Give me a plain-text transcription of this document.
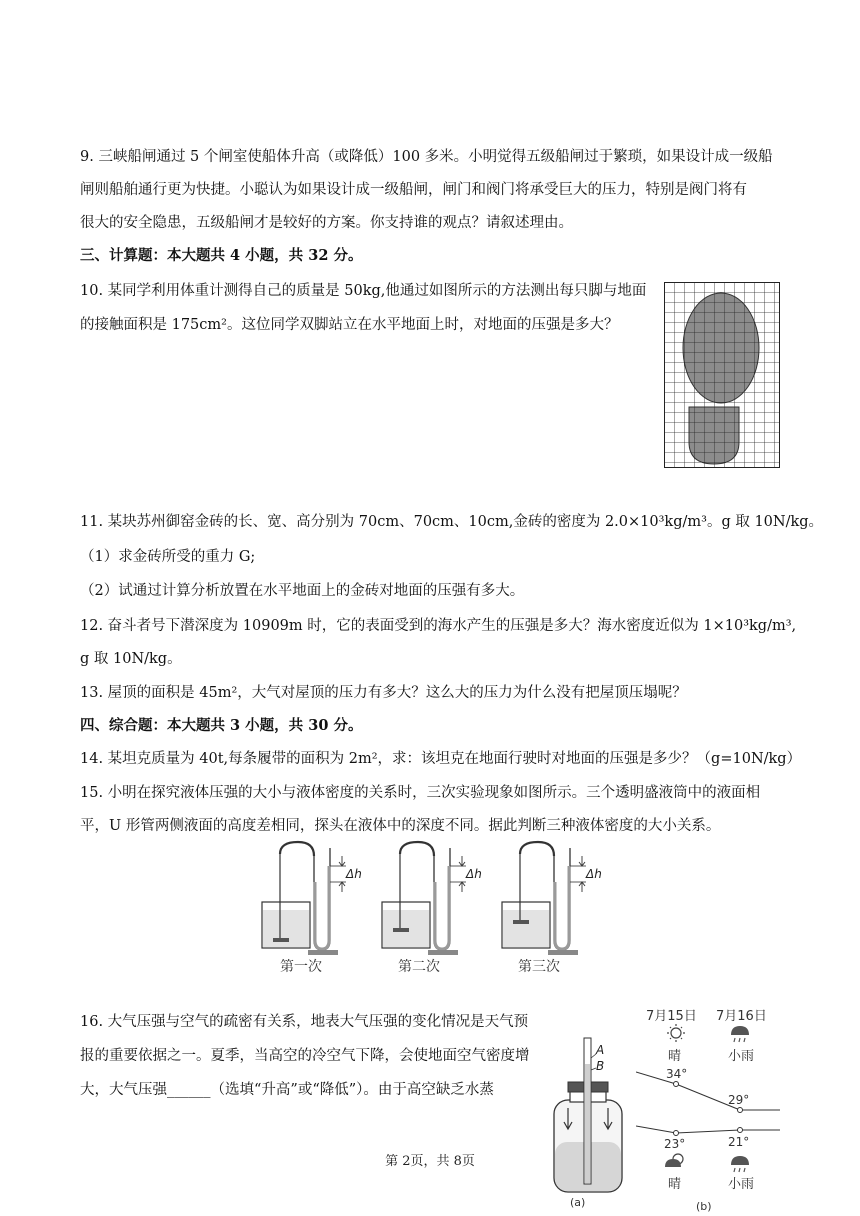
9. 三峡船闸通过 5 个闸室使船体升高（或降低）100 多米。小明觉得五级船闸过于繁琐，如果设计成一级船
闸则船舶通行更为快捷。小聪认为如果设计成一级船闸，闸门和阀门将承受巨大的压力，特别是阀门将有
很大的安全隐患，五级船闸才是较好的方案。你支持谁的观点？请叙述理由。
三、计算题：本大题共 4 小题，共 32 分。
10. 某同学利用体重计测得自己的质量是 50kg,他通过如图所示的方法测出每只脚与地面
的接触面积是 175cm²。这位同学双脚站立在水平地面上时，对地面的压强是多大？
11. 某块苏州御窑金砖的长、宽、高分别为 70cm、70cm、10cm,金砖的密度为 2.0×10³kg/m³。g 取 10N/kg。
（1）求金砖所受的重力 G;
（2）试通过计算分析放置在水平地面上的金砖对地面的压强有多大。
12. 奋斗者号下潜深度为 10909m 时，它的表面受到的海水产生的压强是多大？海水密度近似为 1×10³kg/m³,
g 取 10N/kg。
13. 屋顶的面积是 45m²，大气对屋顶的压力有多大？这么大的压力为什么没有把屋顶压塌呢？
四、综合题：本大题共 3 小题，共 30 分。
14. 某坦克质量为 40t,每条履带的面积为 2m²，求：该坦克在地面行驶时对地面的压强是多少？（g=10N/kg）
15. 小明在探究液体压强的大小与液体密度的关系时，三次实验现象如图所示。三个透明盛液筒中的液面相
平，U 形管两侧液面的高度差相同，探头在液体中的深度不同。据此判断三种液体密度的大小关系。
Δh	Δh	Δh
第一次	第二次	第三次
16. 大气压强与空气的疏密有关系，地表大气压强的变化情况是天气预
报的重要依据之一。夏季，当高空的冷空气下降，会使地面空气密度增
大，大气压强______（选填“升高”或“降低”）。由于高空缺乏水蒸
A
B
(a)
7月15日 7月16日
晴	小雨
34°
29°
23°	21°
晴	小雨
(b)
第 2页，共 8页
